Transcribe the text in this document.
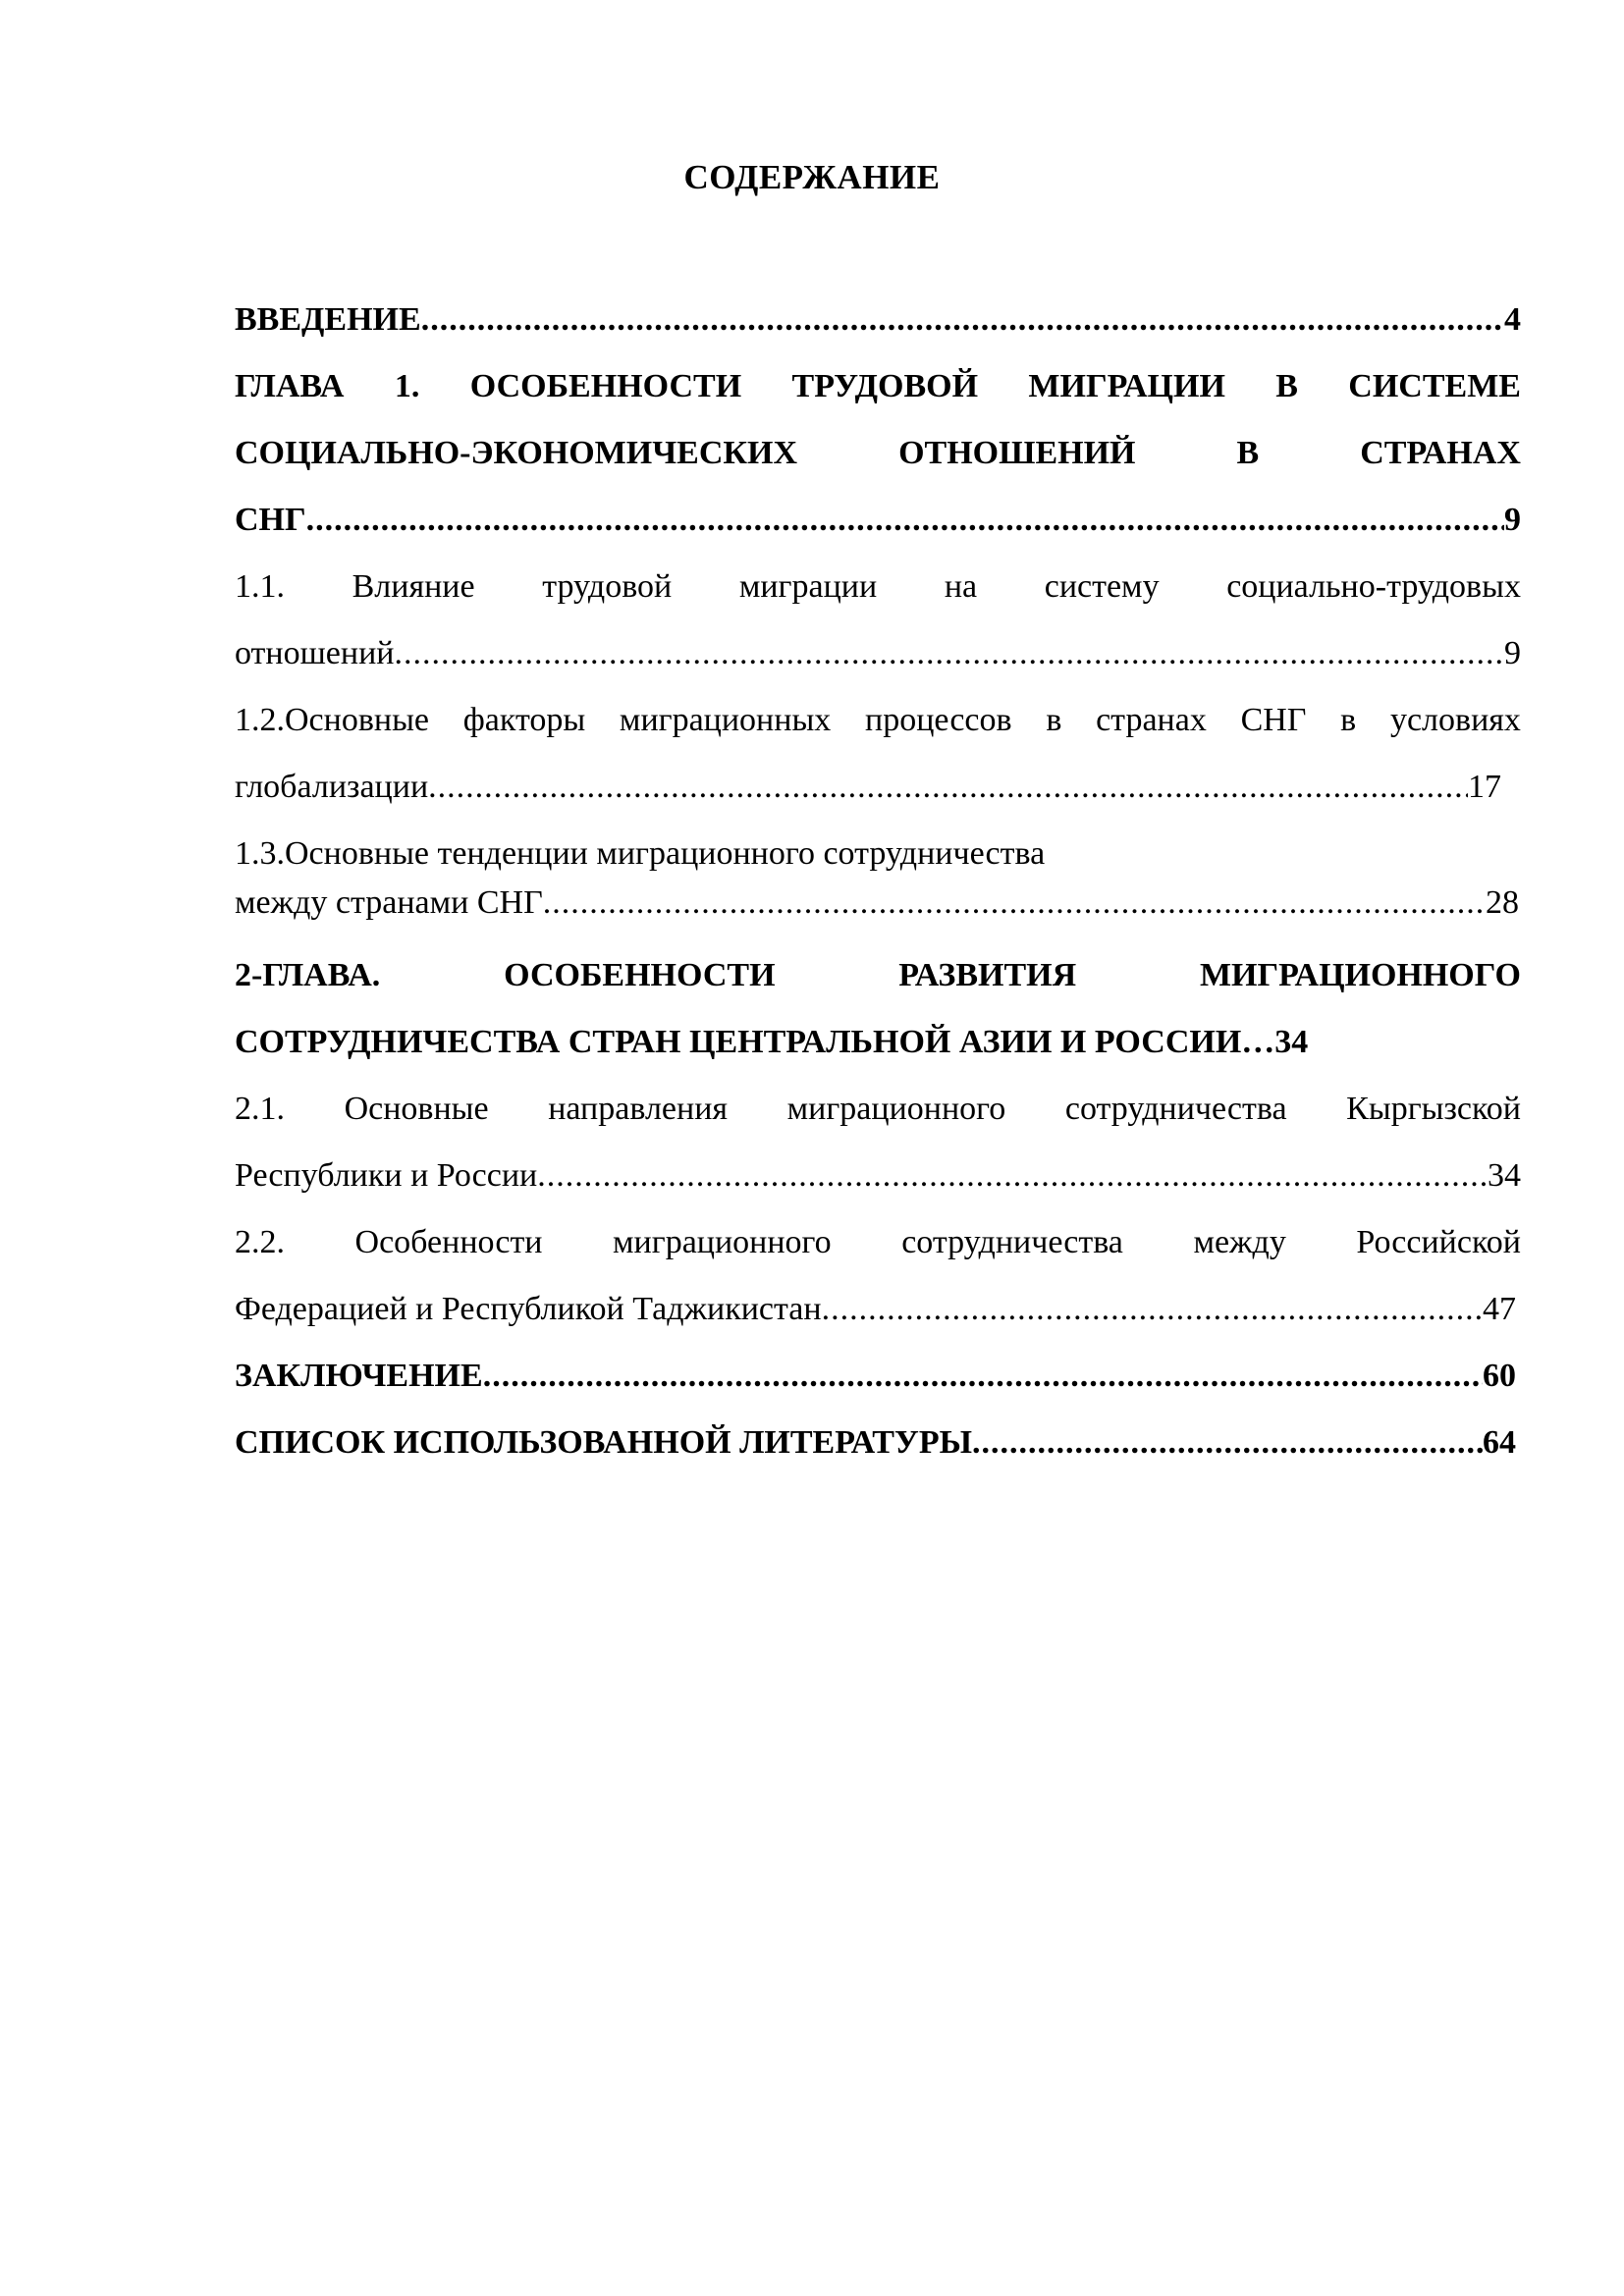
СОДЕРЖАНИЕ
ВВЕДЕНИЕ .....	4
ГЛАВА 1. ОСОБЕННОСТИ ТРУДОВОЙ МИГРАЦИИ В СИСТЕМЕ
СОЦИАЛЬНО-ЭКОНОМИЧЕСКИХ	ОТНОШЕНИЙ	В	СТРАНАХ
СНГ .....	9
1.1. Влияние трудовой миграции на систему социально-трудовых
отношений .....	9
1.2.Основные факторы миграционных процессов в странах СНГ в условиях
глобализации .....	17
1.3.Основные тенденции миграционного сотрудничества
между странами СНГ .....	28
2-ГЛАВА.	ОСОБЕННОСТИ	РАЗВИТИЯ	МИГРАЦИОННОГО
СОТРУДНИЧЕСТВА СТРАН ЦЕНТРАЛЬНОЙ АЗИИ И РОССИИ…34
2.1. Основные направления миграционного сотрудничества Кыргызской
Республики и России .....	34
2.2. Особенности миграционного сотрудничества между Российской
Федерацией и Республикой Таджикистан .....	47
ЗАКЛЮЧЕНИЕ .....	60
СПИСОК ИСПОЛЬЗОВАННОЙ ЛИТЕРАТУРЫ .....	64
